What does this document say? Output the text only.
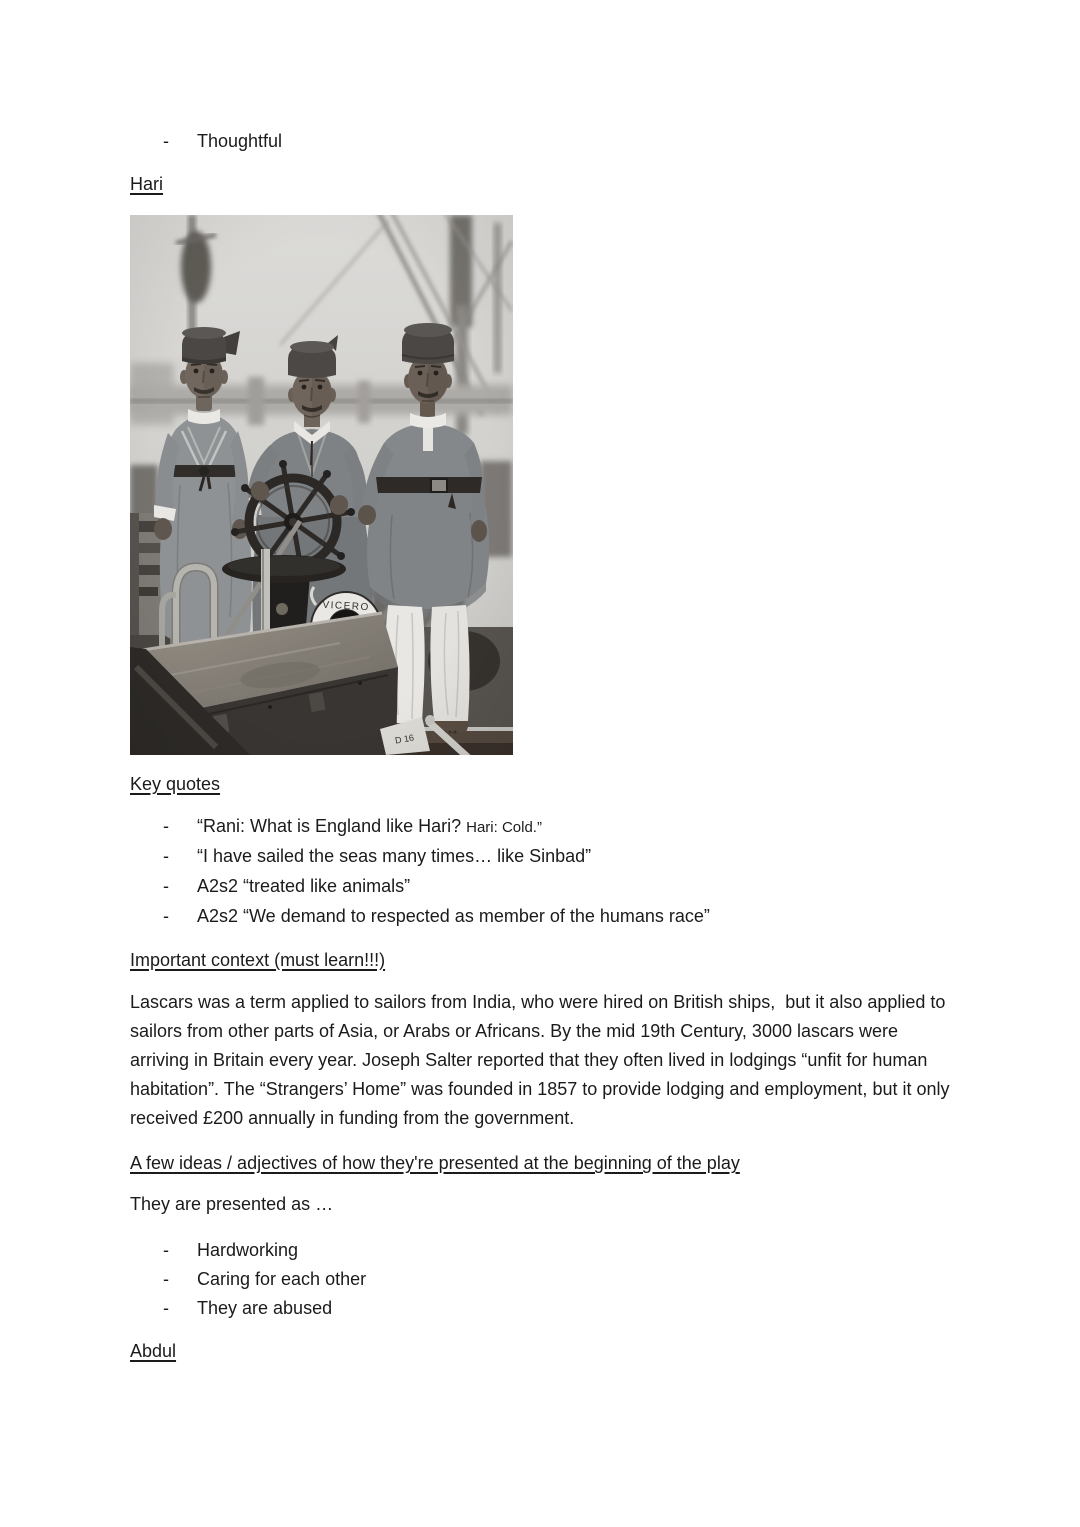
- Thoughtful
Hari
Key quotes
- “Rani: What is England like Hari? Hari: Cold.”
- “I have sailed the seas many times… like Sinbad”
- A2s2 “treated like animals”
- A2s2 “We demand to respected as member of the humans race”
Important context (must learn!!!)

Lascars was a term applied to sailors from India, who were hired on British ships,  but it also applied to sailors from other parts of Asia, or Arabs or Africans. By the mid 19th Century, 3000 lascars were arriving in Britain every year. Joseph Salter reported that they often lived in lodgings “unfit for human habitation”. The “Strangers’ Home” was founded in 1857 to provide lodging and employment, but it only received £200 annually in funding from the government.

A few ideas / adjectives of how they're presented at the beginning of the play
They are presented as …
- Hardworking
- Caring for each other
- They are abused
Abdul
